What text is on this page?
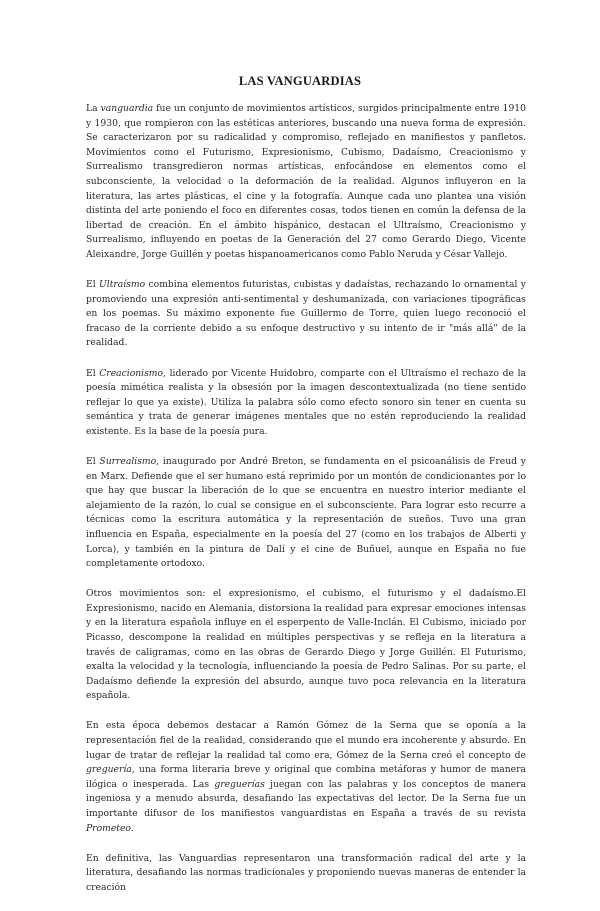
LAS VANGUARDIAS

La vanguardia fue un conjunto de movimientos artísticos, surgidos principalmente entre 1910 y 1930, que rompieron con las estéticas anteriores, buscando una nueva forma de expresión. Se caracterizaron por su radicalidad y compromiso, reflejado en manifiestos y panfletos. Movimientos como el Futurismo, Expresionismo, Cubismo, Dadaísmo, Creacionismo y Surrealismo transgredieron normas artísticas, enfocándose en elementos como el subconsciente, la velocidad o la deformación de la realidad. Algunos influyeron en la literatura, las artes plásticas, el cine y la fotografía. Aunque cada uno plantea una visión distinta del arte poniendo el foco en diferentes cosas, todos tienen en común la defensa de la libertad de creación. En el ámbito hispánico, destacan el Ultraísmo, Creacionismo y Surrealismo, influyendo en poetas de la Generación del 27 como Gerardo Diego, Vicente Aleixandre, Jorge Guillén y poetas hispanoamericanos como Pablo Neruda y César Vallejo.

El Ultraísmo combina elementos futuristas, cubistas y dadaístas, rechazando lo ornamental y promoviendo una expresión anti-sentimental y deshumanizada, con variaciones tipográficas en los poemas. Su máximo exponente fue Guillermo de Torre, quien luego reconoció el fracaso de la corriente debido a su enfoque destructivo y su intento de ir "más allá" de la realidad.

El Creacionismo, liderado por Vicente Huidobro, comparte con el Ultraísmo el rechazo de la poesía mimética realista y la obsesión por la imagen descontextualizada (no tiene sentido reflejar lo que ya existe). Utiliza la palabra sólo como efecto sonoro sin tener en cuenta su semántica y trata de generar imágenes mentales que no estén reproduciendo la realidad existente. Es la base de la poesía pura.

El Surrealismo, inaugurado por André Breton, se fundamenta en el psicoanálisis de Freud y en Marx. Defiende que el ser humano está reprimido por un montón de condicionantes por lo que hay que buscar la liberación de lo que se encuentra en nuestro interior mediante el alejamiento de la razón, lo cual se consigue en el subconsciente. Para lograr esto recurre a técnicas como la escritura automática y la representación de sueños. Tuvo una gran influencia en España, especialmente en la poesía del 27 (como en los trabajos de Alberti y Lorca), y también en la pintura de Dalí y el cine de Buñuel, aunque en España no fue completamente ortodoxo.

Otros movimientos son: el expresionismo, el cubismo, el futurismo y el dadaísmo.El Expresionismo, nacido en Alemania, distorsiona la realidad para expresar emociones intensas y en la literatura española influye en el esperpento de Valle-Inclán. El Cubismo, iniciado por Picasso, descompone la realidad en múltiples perspectivas y se refleja en la literatura a través de caligramas, como en las obras de Gerardo Diego y Jorge Guillén. El Futurismo, exalta la velocidad y la tecnología, influenciando la poesía de Pedro Salinas. Por su parte, el Dadaísmo defiende la expresión del absurdo, aunque tuvo poca relevancia en la literatura española.

En esta época debemos destacar a Ramón Gómez de la Serna que se oponía a la representación fiel de la realidad, considerando que el mundo era incoherente y absurdo. En lugar de tratar de reflejar la realidad tal como era, Gómez de la Serna creó el concepto de greguería, una forma literaria breve y original que combina metáforas y humor de manera ilógica o inesperada. Las greguerías juegan con las palabras y los conceptos de manera ingeniosa y a menudo absurda, desafiando las expectativas del lector. De la Serna fue un importante difusor de los manifiestos vanguardistas en España a través de su revista Prometeo.

En definitiva, las Vanguardias representaron una transformación radical del arte y la literatura, desafiando las normas tradicionales y proponiendo nuevas maneras de entender la creación
